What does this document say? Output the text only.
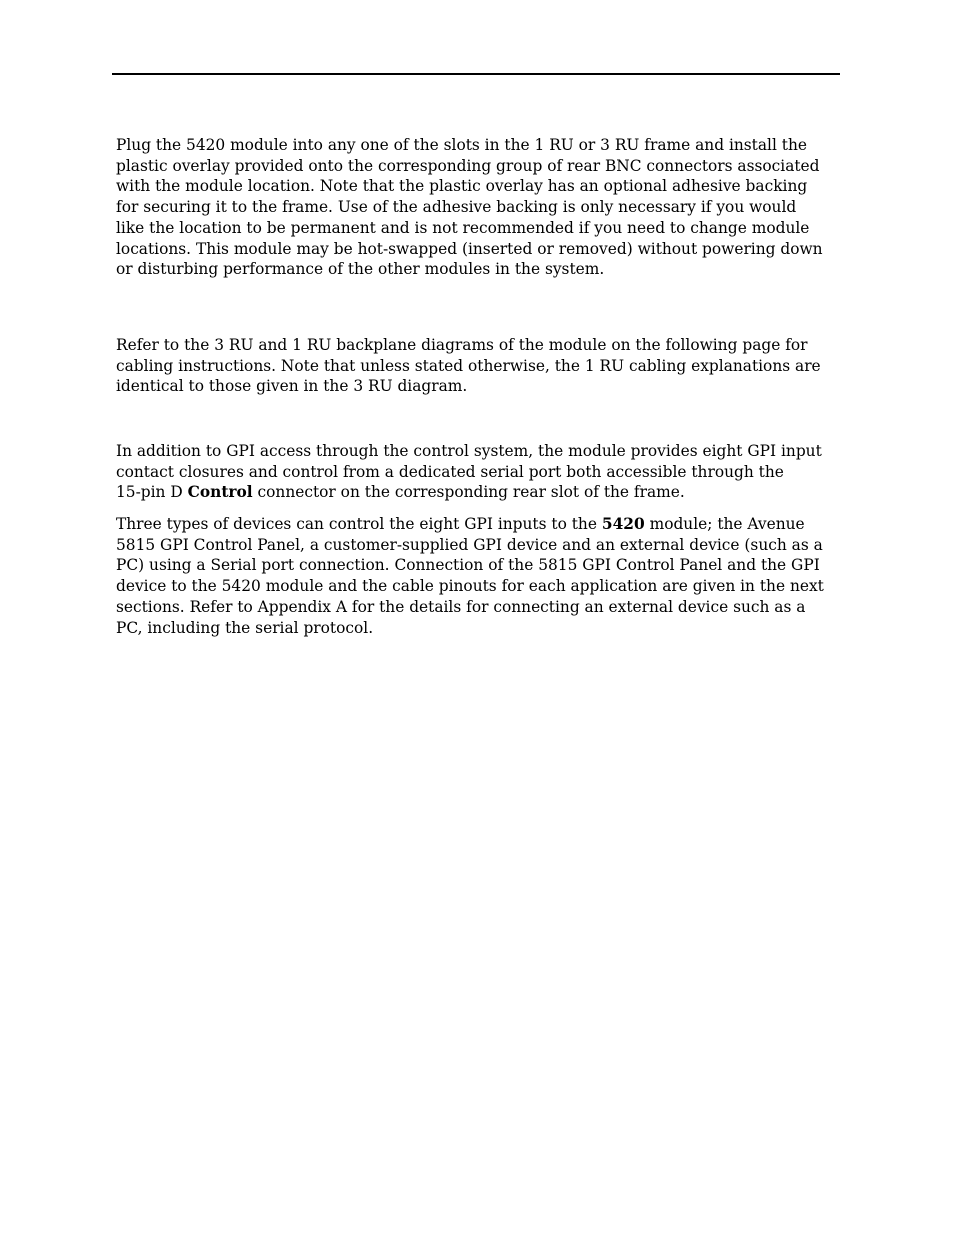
Plug the 5420 module into any one of the slots in the 1 RU or 3 RU frame and install the
plastic overlay provided onto the corresponding group of rear BNC connectors associated
with the module location. Note that the plastic overlay has an optional adhesive backing
for securing it to the frame. Use of the adhesive backing is only necessary if you would
like the location to be permanent and is not recommended if you need to change module
locations. This module may be hot-swapped (inserted or removed) without powering down
or disturbing performance of the other modules in the system.

Refer to the 3 RU and 1 RU backplane diagrams of the module on the following page for
cabling instructions. Note that unless stated otherwise, the 1 RU cabling explanations are
identical to those given in the 3 RU diagram.

In addition to GPI access through the control system, the module provides eight GPI input
contact closures and control from a dedicated serial port both accessible through the
15-pin D Control connector on the corresponding rear slot of the frame.

Three types of devices can control the eight GPI inputs to the 5420 module; the Avenue
5815 GPI Control Panel, a customer-supplied GPI device and an external device (such as a
PC) using a Serial port connection. Connection of the 5815 GPI Control Panel and the GPI
device to the 5420 module and the cable pinouts for each application are given in the next
sections. Refer to Appendix A for the details for connecting an external device such as a
PC, including the serial protocol.
